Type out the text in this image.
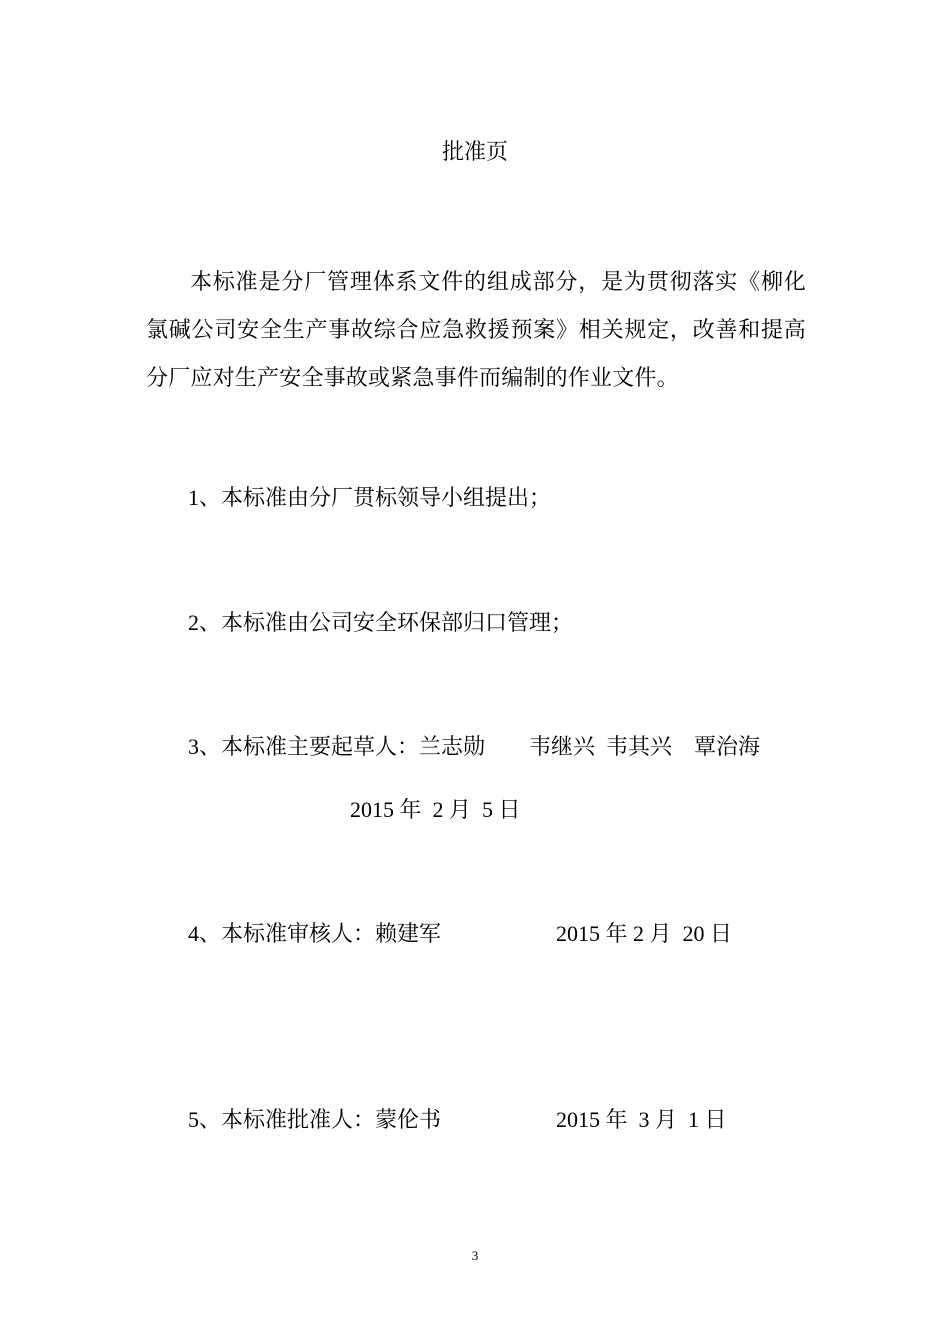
批准页
本标准是分厂管理体系文件的组成部分，是为贯彻落实《柳化氯碱公司安全生产事故综合应急救援预案》相关规定，改善和提高分厂应对生产安全事故或紧急事件而编制的作业文件。
1、本标准由分厂贯标领导小组提出；
2、本标准由公司安全环保部归口管理；
3、本标准主要起草人：兰志勋　　韦继兴  韦其兴　覃治海
2015 年  2 月  5 日
4、本标准审核人：赖建军	2015 年 2 月  20 日
5、本标准批准人：蒙伦书	2015 年  3 月  1 日
3
